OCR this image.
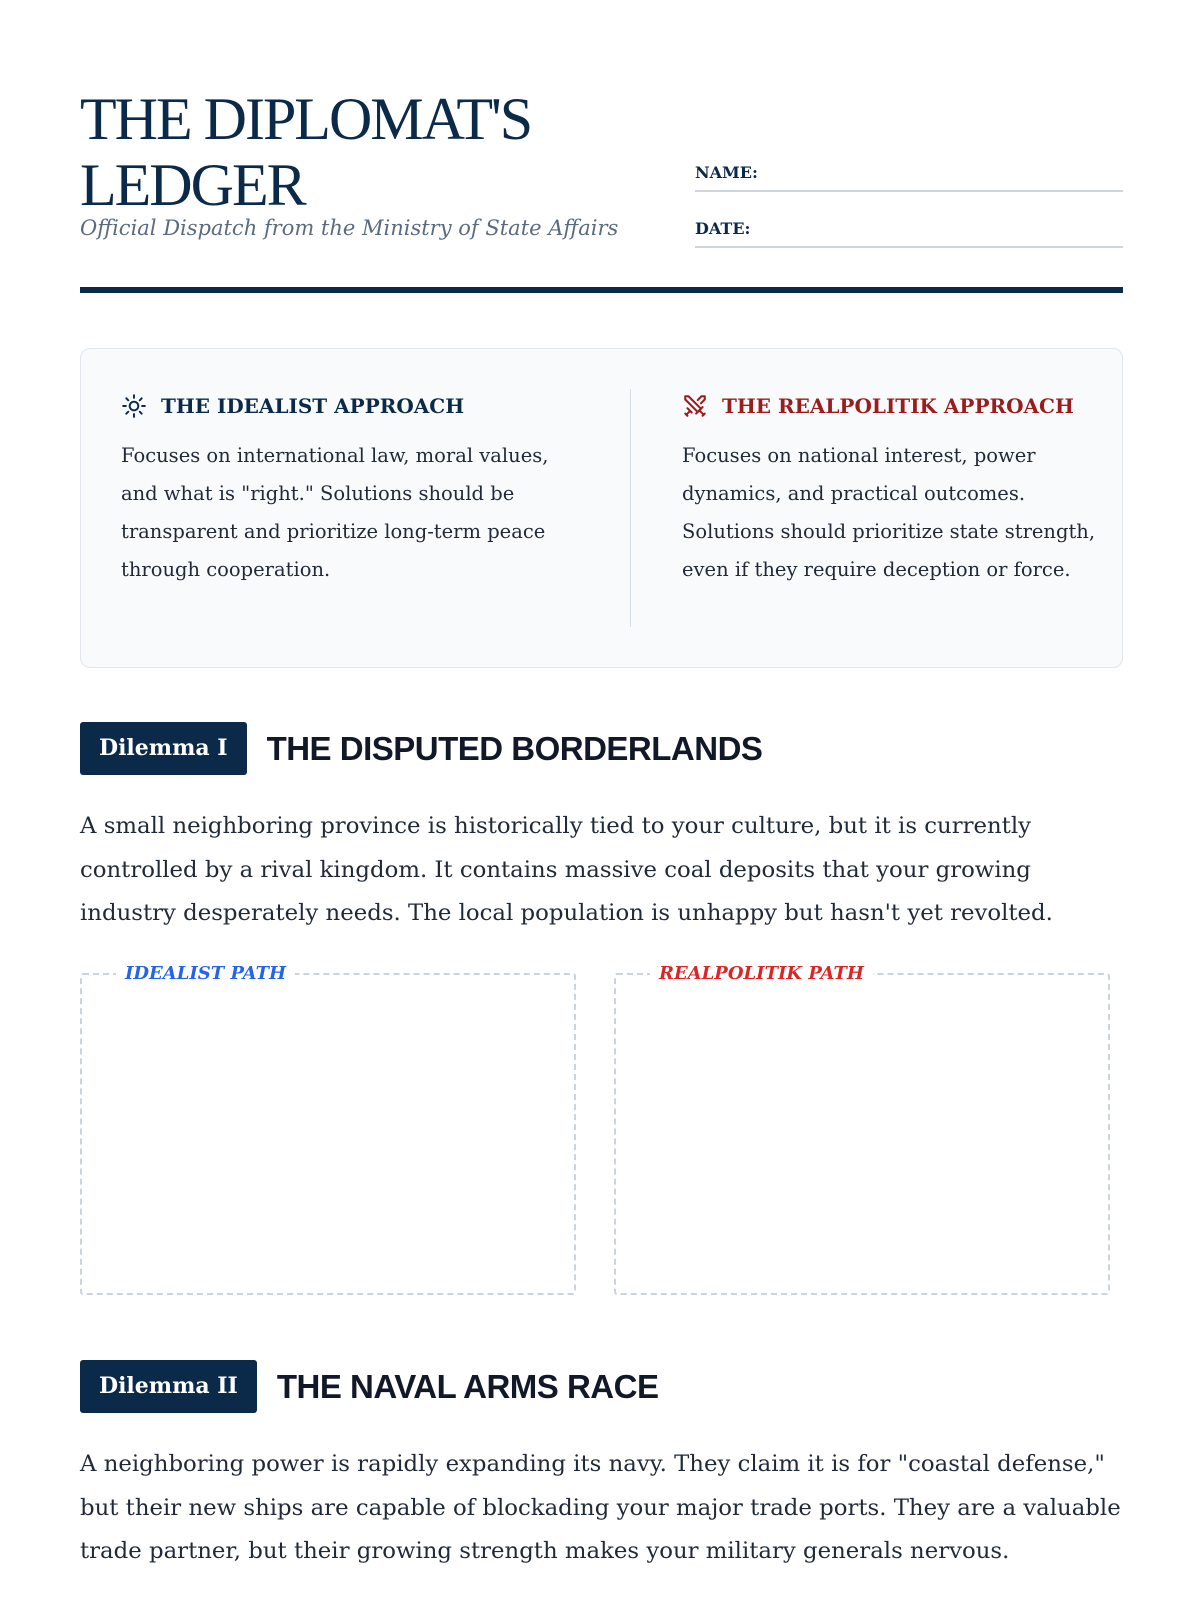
THE DIPLOMAT'S LEDGER
Official Dispatch from the Ministry of State Affairs
NAME:
DATE:
THE IDEALIST APPROACH
Focuses on international law, moral values, and what is "right." Solutions should be transparent and prioritize long-term peace through cooperation.
THE REALPOLITIK APPROACH
Focuses on national interest, power dynamics, and practical outcomes. Solutions should prioritize state strength, even if they require deception or force.
Dilemma I	THE DISPUTED BORDERLANDS
A small neighboring province is historically tied to your culture, but it is currently controlled by a rival kingdom. It contains massive coal deposits that your growing industry desperately needs. The local population is unhappy but hasn't yet revolted.
IDEALIST PATH	REALPOLITIK PATH
Dilemma II	THE NAVAL ARMS RACE
A neighboring power is rapidly expanding its navy. They claim it is for "coastal defense," but their new ships are capable of blockading your major trade ports. They are a valuable trade partner, but their growing strength makes your military generals nervous.
